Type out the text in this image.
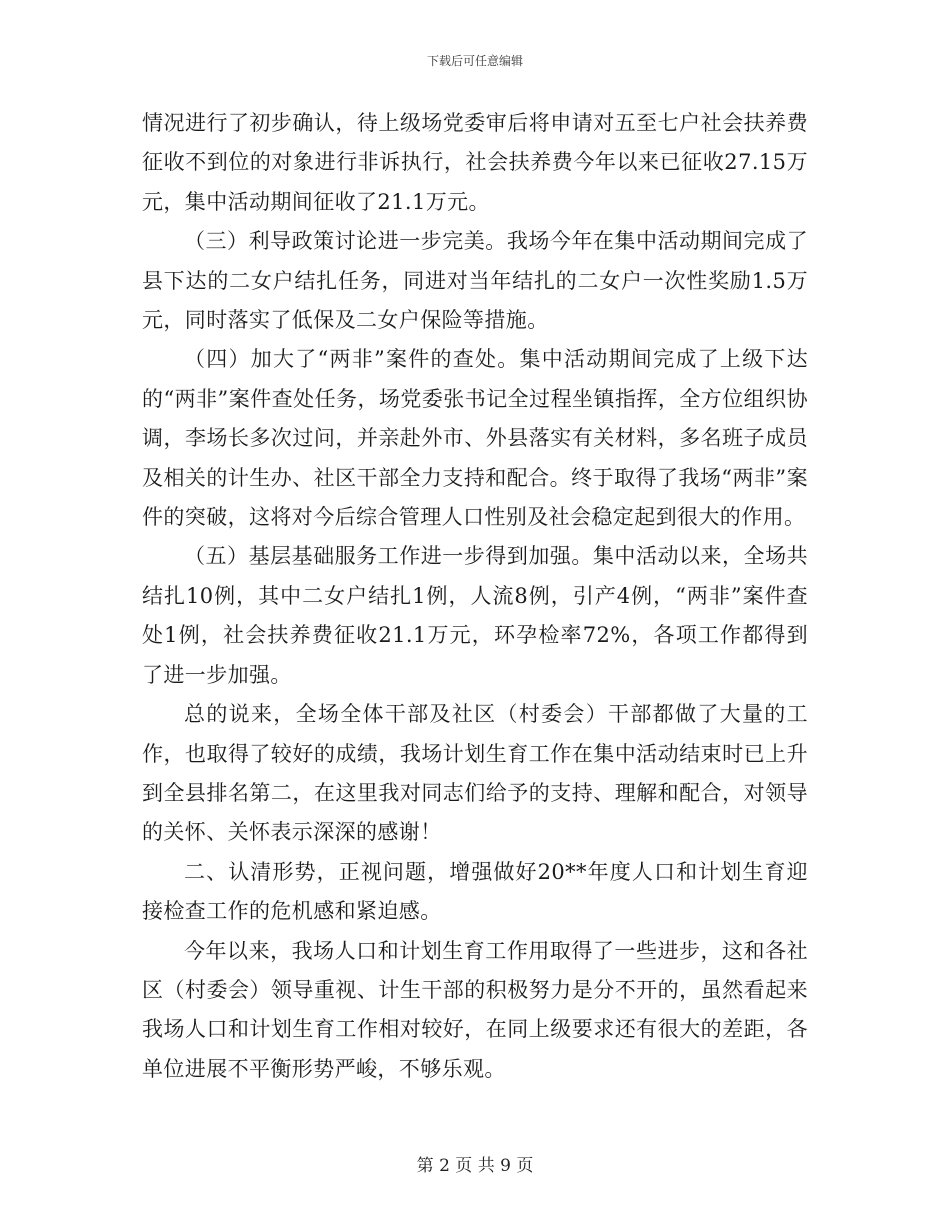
下载后可任意编辑

情况进行了初步确认，待上级场党委审后将申请对五至七户社会扶养费征收不到位的对象进行非诉执行，社会扶养费今年以来已征收27.15万元，集中活动期间征收了21.1万元。

（三）利导政策讨论进一步完美。我场今年在集中活动期间完成了县下达的二女户结扎任务，同进对当年结扎的二女户一次性奖励1.5万元，同时落实了低保及二女户保险等措施。

（四）加大了“两非”案件的查处。集中活动期间完成了上级下达的“两非”案件查处任务，场党委张书记全过程坐镇指挥，全方位组织协调，李场长多次过问，并亲赴外市、外县落实有关材料，多名班子成员及相关的计生办、社区干部全力支持和配合。终于取得了我场“两非”案件的突破，这将对今后综合管理人口性别及社会稳定起到很大的作用。

（五）基层基础服务工作进一步得到加强。集中活动以来，全场共结扎10例，其中二女户结扎1例，人流8例，引产4例，“两非”案件查处1例，社会扶养费征收21.1万元，环孕检率72%，各项工作都得到了进一步加强。

总的说来，全场全体干部及社区（村委会）干部都做了大量的工作，也取得了较好的成绩，我场计划生育工作在集中活动结束时已上升到全县排名第二，在这里我对同志们给予的支持、理解和配合，对领导的关怀、关怀表示深深的感谢！

二、认清形势，正视问题，增强做好20**年度人口和计划生育迎接检查工作的危机感和紧迫感。

今年以来，我场人口和计划生育工作用取得了一些进步，这和各社区（村委会）领导重视、计生干部的积极努力是分不开的，虽然看起来我场人口和计划生育工作相对较好，在同上级要求还有很大的差距，各单位进展不平衡形势严峻，不够乐观。

第 2 页 共 9 页
